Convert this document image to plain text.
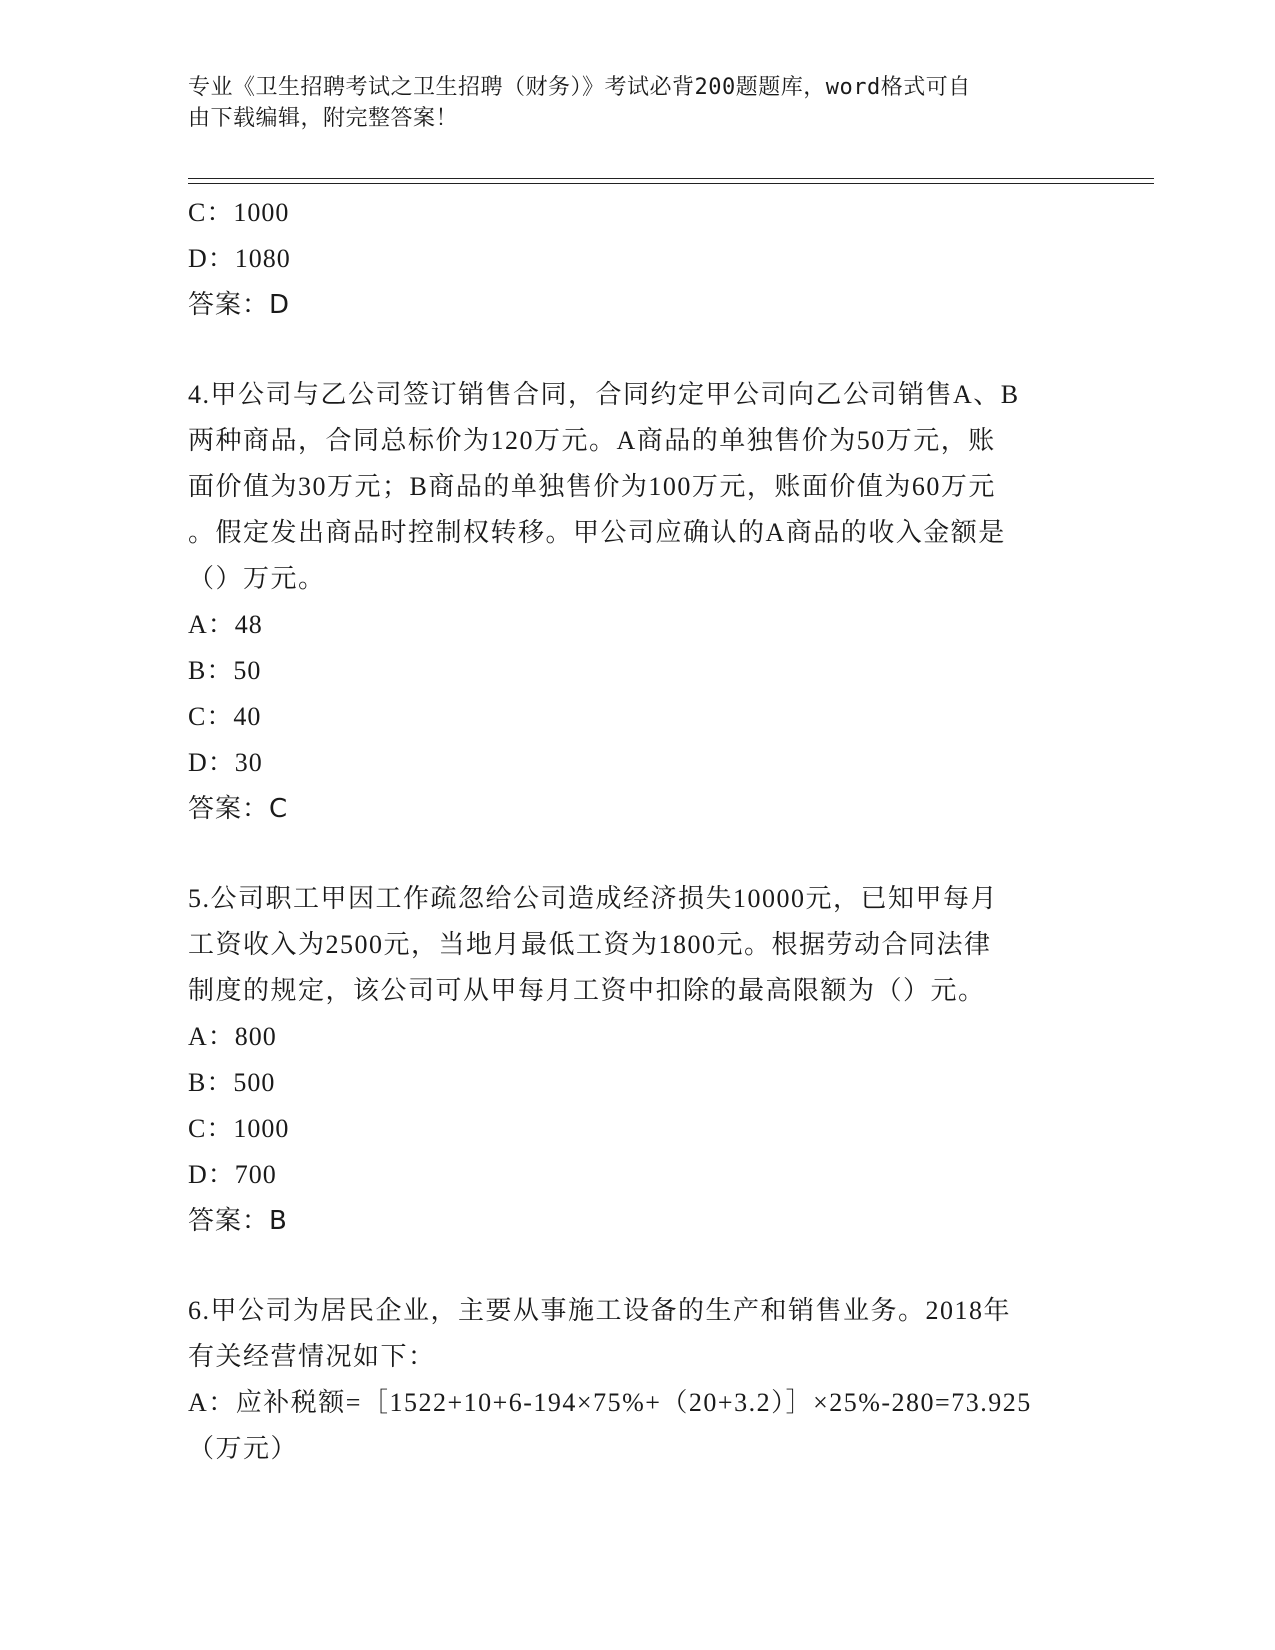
专业《卫生招聘考试之卫生招聘（财务）》考试必背200题题库，word格式可自
由下载编辑，附完整答案！
C：1000
D：1080
答案：D
4.甲公司与乙公司签订销售合同，合同约定甲公司向乙公司销售A、B
两种商品，合同总标价为120万元。A商品的单独售价为50万元，账
面价值为30万元；B商品的单独售价为100万元，账面价值为60万元
。假定发出商品时控制权转移。甲公司应确认的A商品的收入金额是
（）万元。
A：48
B：50
C：40
D：30
答案：C
5.公司职工甲因工作疏忽给公司造成经济损失10000元，已知甲每月
工资收入为2500元，当地月最低工资为1800元。根据劳动合同法律
制度的规定，该公司可从甲每月工资中扣除的最高限额为（）元。
A：800
B：500
C：1000
D：700
答案：B
6.甲公司为居民企业，主要从事施工设备的生产和销售业务。2018年
有关经营情况如下：
A：应补税额=［1522+10+6-194×75%+（20+3.2）］×25%-280=73.925
（万元）
